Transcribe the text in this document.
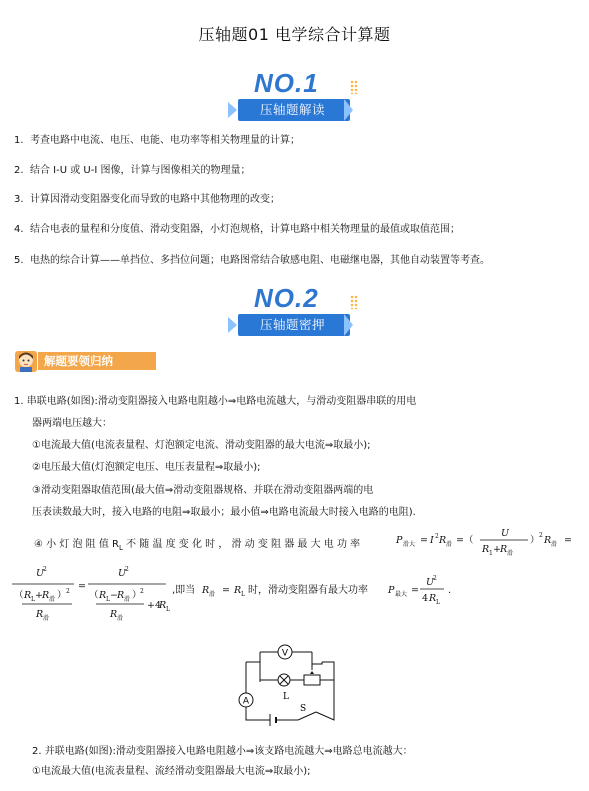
压轴题01 电学综合计算题
NO.1
压轴题解读
1. 考查电路中电流、电压、电能、电功率等相关物理量的计算；
2. 结合 I-U 或 U-I 图像，计算与图像相关的物理量；
3. 计算因滑动变阻器变化而导致的电路中其他物理的改变；
4. 结合电表的量程和分度值、滑动变阻器，小灯泡规格，计算电路中相关物理量的最值或取值范围；
5. 电热的综合计算——单挡位、多挡位问题；电路图常结合敏感电阻、电磁继电器，其他自动装置等考查。
NO.2
压轴题密押
解题要领归纳
1. 串联电路(如图):滑动变阻器接入电路电阻越小⇒电路电流越大，与滑动变阻器串联的用电
器两端电压越大：
①电流最大值(电流表量程、灯泡额定电流、滑动变阻器的最大电流⇒取最小);
②电压最大值(灯泡额定电压、电压表量程⇒取最小);
③滑动变阻器取值范围(最大值⇒滑动变阻器规格、并联在滑动变阻器两端的电
压表读数最大时，接入电路的电阻⇒取最小；最小值⇒电路电流最大时接入电路的电阻).
④ 小 灯 泡 阻 值 $R_L$ 不 随 温 度 变 化 时 ， 滑 动 变 阻 器 最 大 电 功 率	P 滑大 = I 2 R 滑 =（
U
R 1 + R 滑
） 2 R 滑 =
U
2
（ R L + R 滑 ） 2
R 滑
=
U
2
（ R L − R 滑 ）
2
R 滑
+4
R L
,即当 R 滑 = R L 时，滑动变阻器有最大功率 P 最大 =
U
2
4 R L
.
V
L
A
S
2. 并联电路(如图):滑动变阻器接入电路电阻越小⇒该支路电流越大⇒电路总电流越大：
①电流最大值(电流表量程、流经滑动变阻器最大电流⇒取最小);
